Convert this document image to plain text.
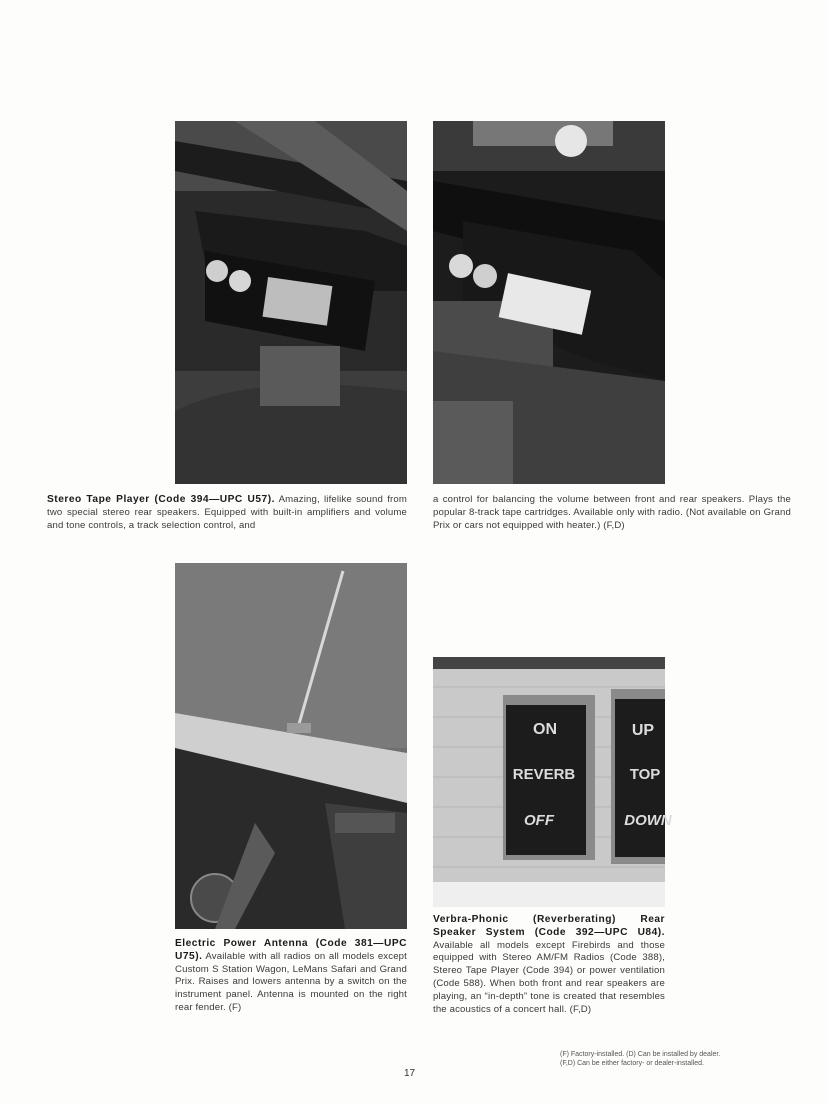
ON
REVERB
OFF
UP
TOP
DOWN
Stereo Tape Player (Code 394—UPC U57). Amazing, lifelike sound from two special stereo rear speakers. Equipped with built-in amplifiers and volume and tone controls, a track selection control, and
a control for balancing the volume between front and rear speakers. Plays the popular 8-track tape cartridges. Available only with radio. (Not available on Grand Prix or cars not equipped with heater.) (F,D)
Electric Power Antenna (Code 381—UPC U75). Available with all radios on all models except Custom S Station Wagon, LeMans Safari and Grand Prix. Raises and lowers antenna by a switch on the instrument panel. Antenna is mounted on the right rear fender. (F)
Verbra-Phonic (Reverberating) Rear Speaker System (Code 392—UPC U84). Available all models except Firebirds and those equipped with Stereo AM/FM Radios (Code 388), Stereo Tape Player (Code 394) or power ventilation (Code 588). When both front and rear speakers are playing, an “in-depth” tone is created that resembles the acoustics of a concert hall. (F,D)
(F) Factory-installed. (D) Can be installed by dealer.
(F,D) Can be either factory- or dealer-installed.
17
